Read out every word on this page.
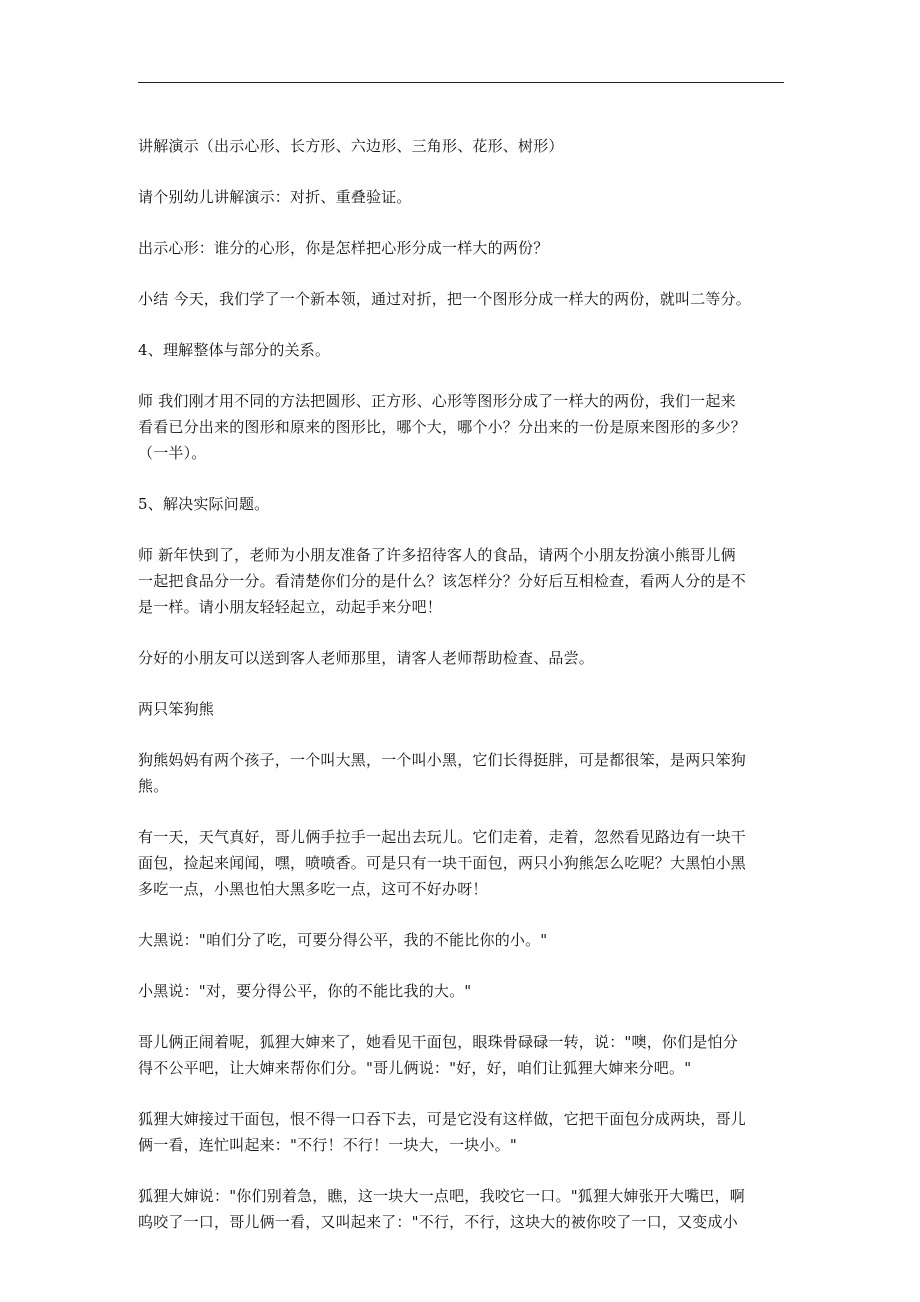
讲解演示（出示心形、长方形、六边形、三角形、花形、树形）

请个别幼儿讲解演示：对折、重叠验证。

出示心形：谁分的心形，你是怎样把心形分成一样大的两份？

小结 今天，我们学了一个新本领，通过对折，把一个图形分成一样大的两份，就叫二等分。

4、理解整体与部分的关系。

师 我们刚才用不同的方法把圆形、正方形、心形等图形分成了一样大的两份，我们一起来
看看已分出来的图形和原来的图形比，哪个大，哪个小？分出来的一份是原来图形的多少？
（一半）。

5、解决实际问题。

师 新年快到了，老师为小朋友准备了许多招待客人的食品，请两个小朋友扮演小熊哥儿俩
一起把食品分一分。看清楚你们分的是什么？该怎样分？分好后互相检查，看两人分的是不
是一样。请小朋友轻轻起立，动起手来分吧！

分好的小朋友可以送到客人老师那里，请客人老师帮助检查、品尝。

两只笨狗熊

狗熊妈妈有两个孩子，一个叫大黑，一个叫小黑，它们长得挺胖，可是都很笨，是两只笨狗
熊。

有一天，天气真好，哥儿俩手拉手一起出去玩儿。它们走着，走着，忽然看见路边有一块干
面包，捡起来闻闻，嘿，喷喷香。可是只有一块干面包，两只小狗熊怎么吃呢？大黑怕小黑
多吃一点，小黑也怕大黑多吃一点，这可不好办呀！

大黑说："咱们分了吃，可要分得公平，我的不能比你的小。"

小黑说："对，要分得公平，你的不能比我的大。"

哥儿俩正闹着呢，狐狸大婶来了，她看见干面包，眼珠骨碌碌一转，说："噢，你们是怕分
得不公平吧，让大婶来帮你们分。"哥儿俩说："好，好，咱们让狐狸大婶来分吧。"

狐狸大婶接过干面包，恨不得一口吞下去，可是它没有这样做，它把干面包分成两块，哥儿
俩一看，连忙叫起来："不行！不行！一块大，一块小。"

狐狸大婶说："你们别着急，瞧，这一块大一点吧，我咬它一口。"狐狸大婶张开大嘴巴，啊
呜咬了一口，哥儿俩一看，又叫起来了："不行，不行，这块大的被你咬了一口，又变成小
